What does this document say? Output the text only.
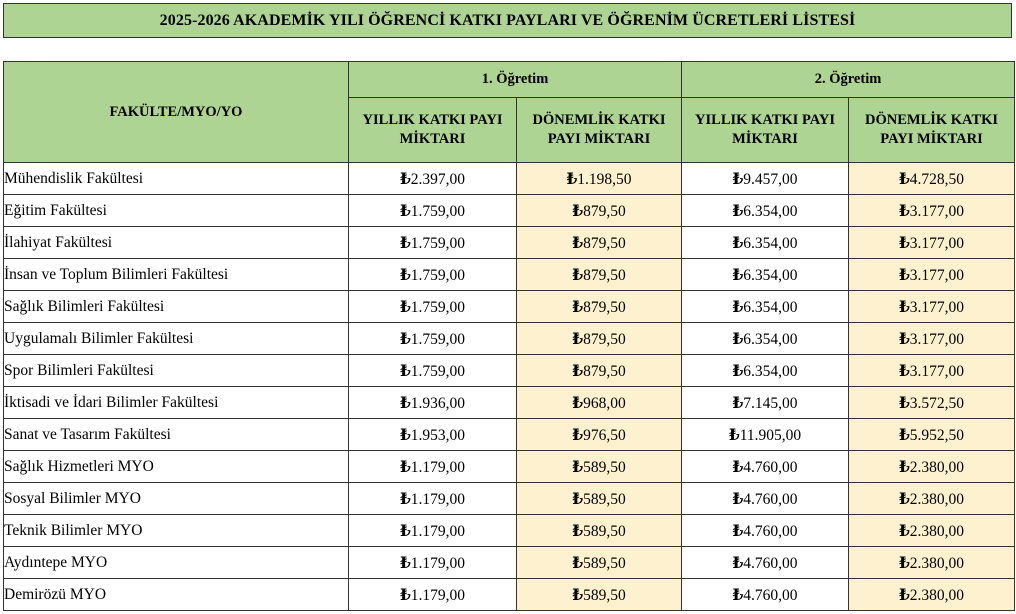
2025-2026 AKADEMİK YILI ÖĞRENCİ KATKI PAYLARI VE ÖĞRENİM ÜCRETLERİ LİSTESİ
FAKÜLTE/MYO/YO	1. Öğretim		2. Öğretim	
	YILLIK KATKI PAYI MİKTARI	DÖNEMLİK KATKI PAYI MİKTARI	YILLIK KATKI PAYI MİKTARI	DÖNEMLİK KATKI PAYI MİKTARI
Mühendislik Fakültesi	₺2.397,00	₺1.198,50	₺9.457,00	₺4.728,50
Eğitim Fakültesi	₺1.759,00	₺879,50	₺6.354,00	₺3.177,00
İlahiyat Fakültesi	₺1.759,00	₺879,50	₺6.354,00	₺3.177,00
İnsan ve Toplum Bilimleri Fakültesi	₺1.759,00	₺879,50	₺6.354,00	₺3.177,00
Sağlık Bilimleri Fakültesi	₺1.759,00	₺879,50	₺6.354,00	₺3.177,00
Uygulamalı Bilimler Fakültesi	₺1.759,00	₺879,50	₺6.354,00	₺3.177,00
Spor Bilimleri Fakültesi	₺1.759,00	₺879,50	₺6.354,00	₺3.177,00
İktisadi ve İdari Bilimler Fakültesi	₺1.936,00	₺968,00	₺7.145,00	₺3.572,50
Sanat ve Tasarım Fakültesi	₺1.953,00	₺976,50	₺11.905,00	₺5.952,50
Sağlık Hizmetleri MYO	₺1.179,00	₺589,50	₺4.760,00	₺2.380,00
Sosyal Bilimler MYO	₺1.179,00	₺589,50	₺4.760,00	₺2.380,00
Teknik Bilimler MYO	₺1.179,00	₺589,50	₺4.760,00	₺2.380,00
Aydıntepe MYO	₺1.179,00	₺589,50	₺4.760,00	₺2.380,00
Demirözü MYO	₺1.179,00	₺589,50	₺4.760,00	₺2.380,00
